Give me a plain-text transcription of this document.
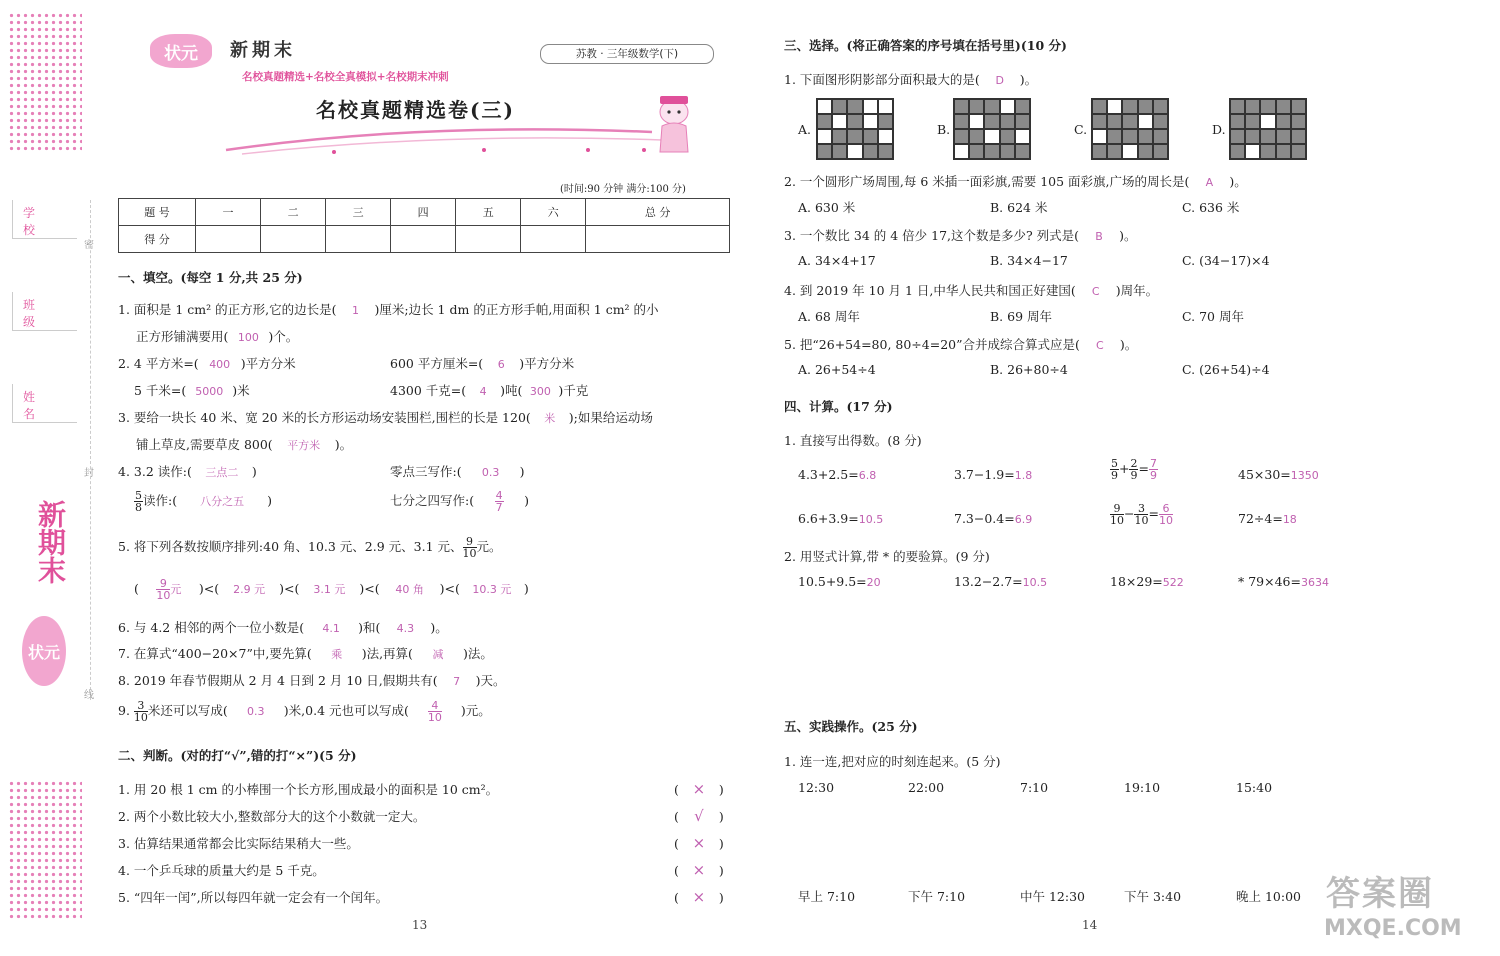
学 校
班 级
姓 名
密
封
线
新期末
状元
状元	新期末	苏教 · 三年级数学(下)
名校真题精选+名校全真模拟+名校期末冲刺
名校真题精选卷(三)
(时间:90 分钟 满分:100 分)
题 号	一	二	三	四	五	六	总 分
得 分							
一、填空。(每空 1 分,共 25 分)
1. 面积是 1 cm² 的正方形,它的边长是( 1 )厘米;边长 1 dm 的正方形手帕,用面积 1 cm² 的小
正方形铺满要用( 100 )个。
2. 4 平方米=( 400 )平方分米	600 平方厘米=( 6 )平方分米
5 千米=( 5000 )米	4300 千克=( 4 )吨( 300 )千克
3. 要给一块长 40 米、宽 20 米的长方形运动场安装围栏,围栏的长是 120( 米 );如果给运动场
铺上草皮,需要草皮 800( 平方米 )。
4. 3.2 读作:( 三点二 )	零点三写作:( 0.3 )
$\frac{5}{8}$ 读作:( 八分之五 )	七分之四写作:( $\frac{4}{7}$ )
5. 将下列各数按顺序排列:40 角、10.3 元、2.9 元、3.1 元、 $\frac{9}{10}$ 元。
( $\frac{9}{10}$ 元 )<( 2.9 元 )<( 3.1 元 )<( 40 角 )<( 10.3 元 )
6. 与 4.2 相邻的两个一位小数是( 4.1 )和( 4.3 )。
7. 在算式“400−20×7”中,要先算( 乘 )法,再算( 减 )法。
8. 2019 年春节假期从 2 月 4 日到 2 月 10 日,假期共有( 7 )天。
9. $\frac{3}{10}$ 米还可以写成( 0.3 )米,0.4 元也可以写成( $\frac{4}{10}$ )元。
二、判断。(对的打“√”,错的打“×”)(5 分)
1. 用 20 根 1 cm 的小棒围一个长方形,围成最小的面积是 10 cm²。	( × )
2. 两个小数比较大小,整数部分大的这个小数就一定大。	( √ )
3. 估算结果通常都会比实际结果稍大一些。	( × )
4. 一个乒乓球的质量大约是 5 千克。	( × )
5. “四年一闰”,所以每四年就一定会有一个闰年。	( × )
13
三、选择。(将正确答案的序号填在括号里)(10 分)
1. 下面图形阴影部分面积最大的是( D )。
A.	B.	C.	D.
2. 一个圆形广场周围,每 6 米插一面彩旗,需要 105 面彩旗,广场的周长是( A )。
A. 630 米	B. 624 米	C. 636 米
3. 一个数比 34 的 4 倍少 17,这个数是多少? 列式是( B )。
A. 34×4+17	B. 34×4−17	C. (34−17)×4
4. 到 2019 年 10 月 1 日,中华人民共和国正好建国( C )周年。
A. 68 周年	B. 69 周年	C. 70 周年
5. 把“26+54=80, 80÷4=20”合并成综合算式应是( C )。
A. 26+54÷4	B. 26+80÷4	C. (26+54)÷4
四、计算。(17 分)
1. 直接写出得数。(8 分)
4.3+2.5=6.8	3.7−1.9=1.8	$\frac{5}{9} + \frac{2}{9} = \frac{7}{9}$	45×30=1350
6.6+3.9=10.5	7.3−0.4=6.9	$\frac{9}{10} - \frac{3}{10} = \frac{6}{10}$	72÷4=18
2. 用竖式计算,带 * 的要验算。(9 分)
10.5+9.5=20	13.2−2.7=10.5	18×29=522	* 79×46=3634
五、实践操作。(25 分)
1. 连一连,把对应的时刻连起来。(5 分)
12:30	22:00	7:10	19:10	15:40
早上 7:10	下午 7:10	中午 12:30	下午 3:40	晚上 10:00
14
答案圈
MXQE.COM
